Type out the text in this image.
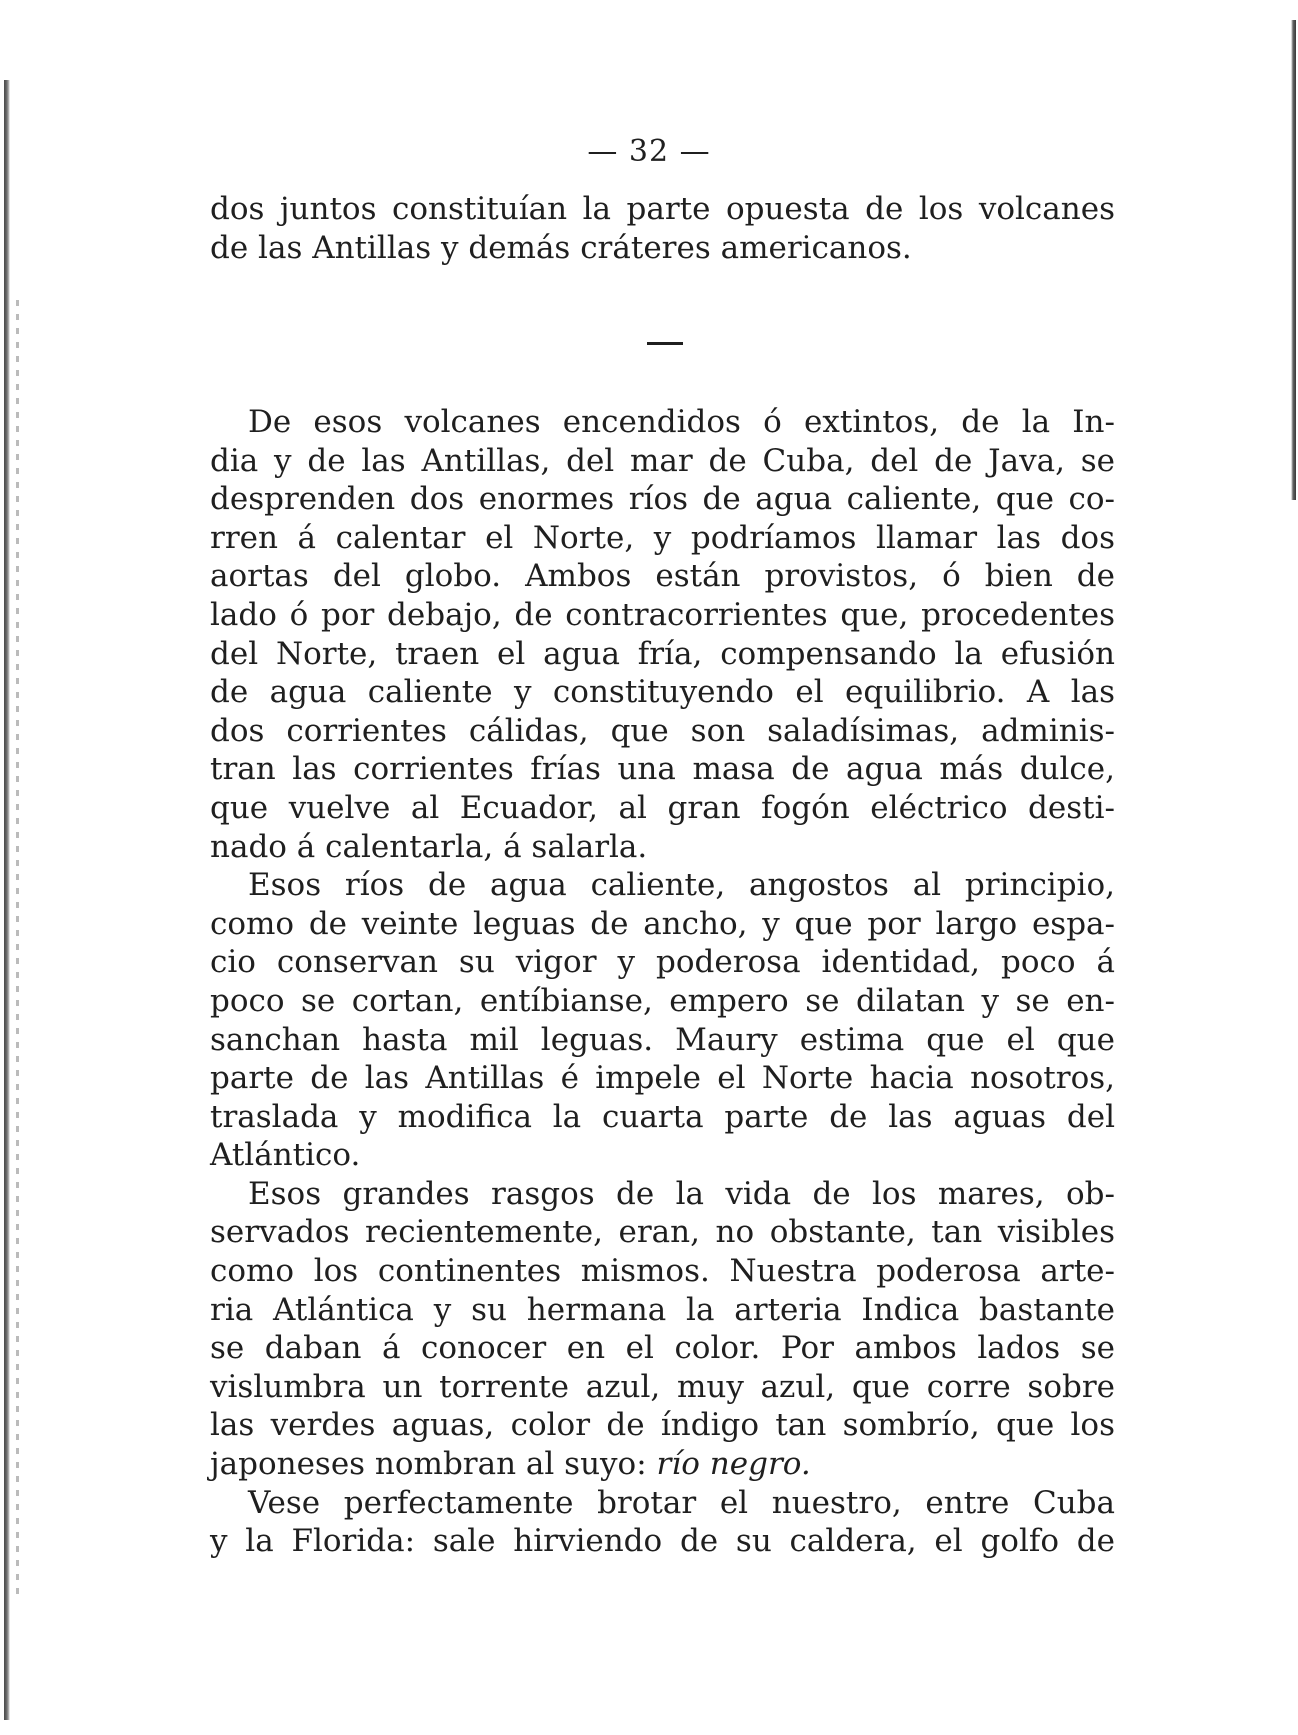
— 32 —
dos juntos constituían la parte opuesta de los volcanes
de las Antillas y demás cráteres americanos.
De esos volcanes encendidos ó extintos, de la In-
dia y de las Antillas, del mar de Cuba, del de Java, se
desprenden dos enormes ríos de agua caliente, que co-
rren á calentar el Norte, y podríamos llamar las dos
aortas del globo. Ambos están provistos, ó bien de
lado ó por debajo, de contracorrientes que, procedentes
del Norte, traen el agua fría, compensando la efusión
de agua caliente y constituyendo el equilibrio. A las
dos corrientes cálidas, que son saladísimas, adminis-
tran las corrientes frías una masa de agua más dulce,
que vuelve al Ecuador, al gran fogón eléctrico desti-
nado á calentarla, á salarla.
Esos ríos de agua caliente, angostos al principio,
como de veinte leguas de ancho, y que por largo espa-
cio conservan su vigor y poderosa identidad, poco á
poco se cortan, entíbianse, empero se dilatan y se en-
sanchan hasta mil leguas. Maury estima que el que
parte de las Antillas é impele el Norte hacia nosotros,
traslada y modifica la cuarta parte de las aguas del
Atlántico.
Esos grandes rasgos de la vida de los mares, ob-
servados recientemente, eran, no obstante, tan visibles
como los continentes mismos. Nuestra poderosa arte-
ria Atlántica y su hermana la arteria Indica bastante
se daban á conocer en el color. Por ambos lados se
vislumbra un torrente azul, muy azul, que corre sobre
las verdes aguas, color de índigo tan sombrío, que los
japoneses nombran al suyo: río negro.
Vese perfectamente brotar el nuestro, entre Cuba
y la Florida: sale hirviendo de su caldera, el golfo de
